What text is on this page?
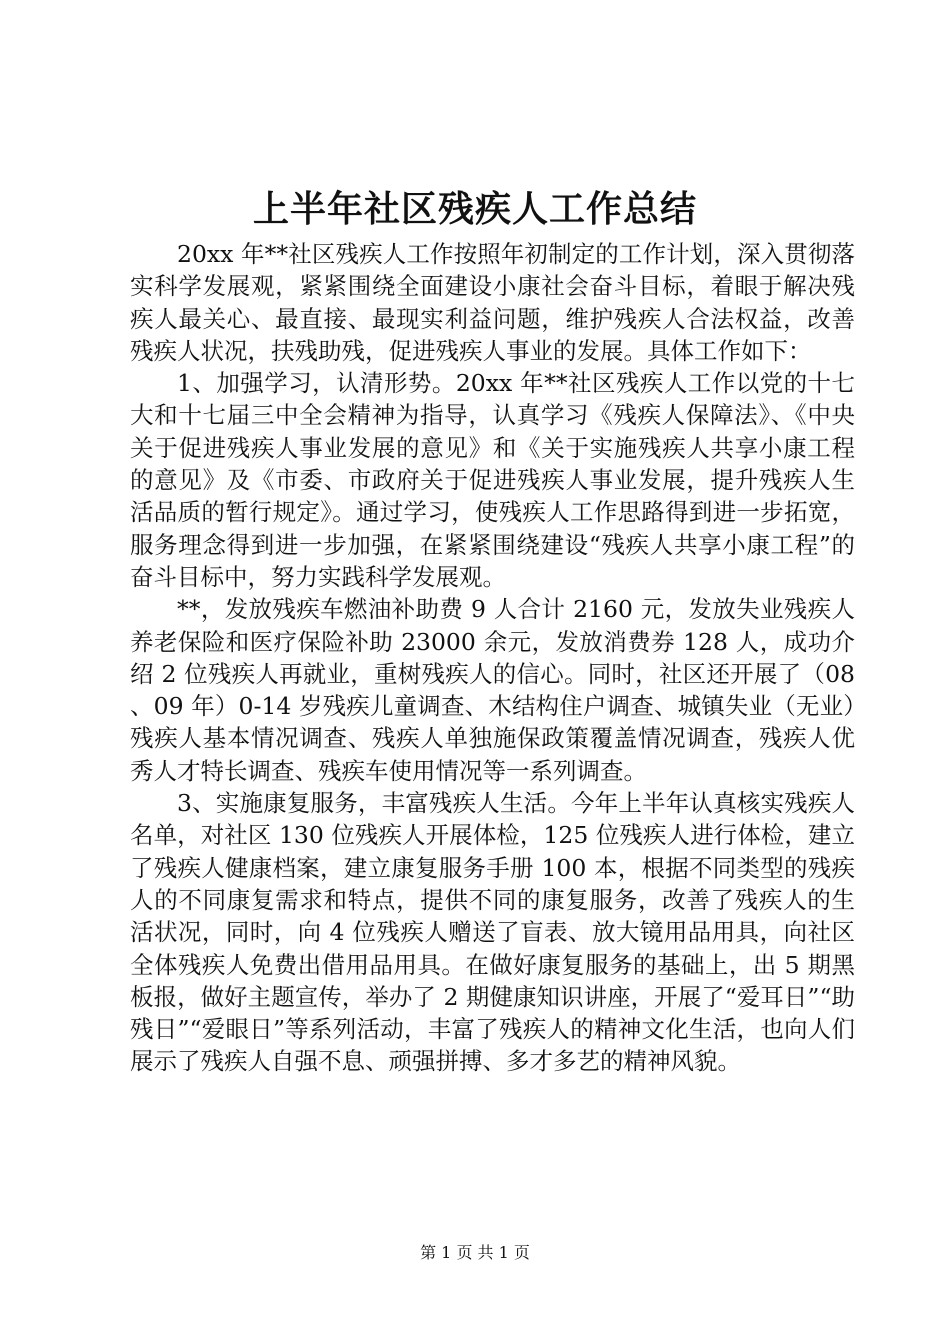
上半年社区残疾人工作总结

20xx 年**社区残疾人工作按照年初制定的工作计划，深入贯彻落实科学发展观，紧紧围绕全面建设小康社会奋斗目标，着眼于解决残疾人最关心、最直接、最现实利益问题，维护残疾人合法权益，改善残疾人状况，扶残助残，促进残疾人事业的发展。具体工作如下：

1、加强学习，认清形势。20xx 年**社区残疾人工作以党的十七大和十七届三中全会精神为指导，认真学习《残疾人保障法》、《中央关于促进残疾人事业发展的意见》和《关于实施残疾人共享小康工程的意见》及《市委、市政府关于促进残疾人事业发展，提升残疾人生活品质的暂行规定》。通过学习，使残疾人工作思路得到进一步拓宽，服务理念得到进一步加强，在紧紧围绕建设“残疾人共享小康工程”的奋斗目标中，努力实践科学发展观。

**，发放残疾车燃油补助费 9 人合计 2160 元，发放失业残疾人养老保险和医疗保险补助 23000 余元，发放消费券 128 人，成功介绍 2 位残疾人再就业，重树残疾人的信心。同时，社区还开展了（08、09 年）0-14 岁残疾儿童调查、木结构住户调查、城镇失业（无业）残疾人基本情况调查、残疾人单独施保政策覆盖情况调查，残疾人优秀人才特长调查、残疾车使用情况等一系列调查。

3、实施康复服务，丰富残疾人生活。今年上半年认真核实残疾人名单，对社区 130 位残疾人开展体检，125 位残疾人进行体检，建立了残疾人健康档案，建立康复服务手册 100 本，根据不同类型的残疾人的不同康复需求和特点，提供不同的康复服务，改善了残疾人的生活状况，同时，向 4 位残疾人赠送了盲表、放大镜用品用具，向社区全体残疾人免费出借用品用具。在做好康复服务的基础上，出 5 期黑板报，做好主题宣传，举办了 2 期健康知识讲座，开展了“爱耳日”“助残日”“爱眼日”等系列活动，丰富了残疾人的精神文化生活，也向人们展示了残疾人自强不息、顽强拼搏、多才多艺的精神风貌。

第 1 页 共 1 页
